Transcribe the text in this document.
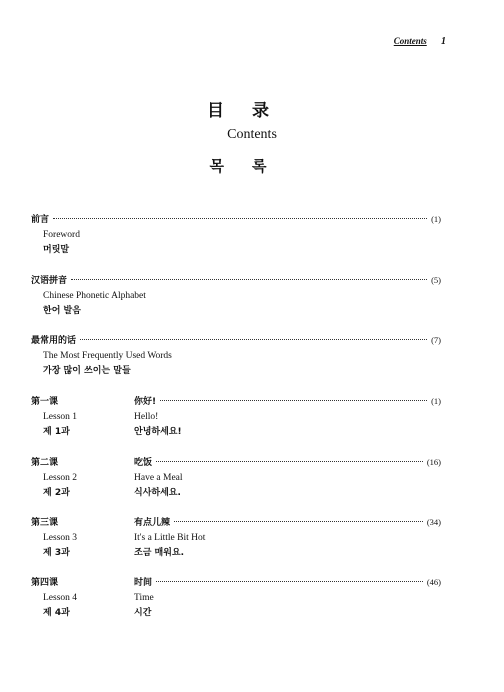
Contents 1
目录
Contents
목록
前言	(1)
Foreword
머릿말
汉语拼音	(5)
Chinese Phonetic Alphabet
한어 발음
最常用的话	(7)
The Most Frequently Used Words
가장 많이 쓰이는 말들
第一课	你好!	(1)
Lesson 1	Hello!
제 1과	안녕하세요!
第二课	吃饭	(16)
Lesson 2	Have a Meal
제 2과	식사하세요.
第三课	有点儿辣	(34)
Lesson 3	It's a Little Bit Hot
제 3과	조금 매워요.
第四课	时间	(46)
Lesson 4	Time
제 4과	시간
